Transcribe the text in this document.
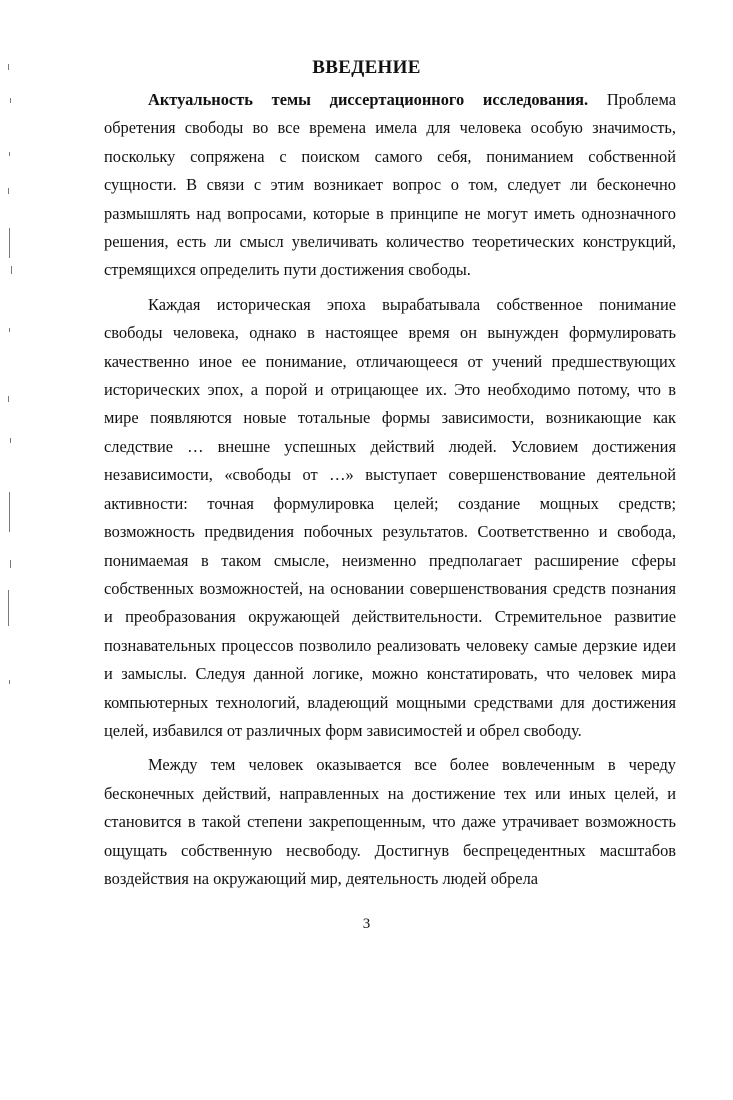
ВВЕДЕНИЕ

Актуальность темы диссертационного исследования. Проблема обретения свободы во все времена имела для человека особую значимость, поскольку сопряжена с поиском самого себя, пониманием собственной сущности. В связи с этим возникает вопрос о том, следует ли бесконечно размышлять над вопросами, которые в принципе не могут иметь однозначного решения, есть ли смысл увеличивать количество теоретических конструкций, стремящихся определить пути достижения свободы.

Каждая историческая эпоха вырабатывала собственное понимание свободы человека, однако в настоящее время он вынужден формулировать качественно иное ее понимание, отличающееся от учений предшествующих исторических эпох, а порой и отрицающее их. Это необходимо потому, что в мире появляются новые тотальные формы зависимости, возникающие как следствие … внешне успешных действий людей. Условием достижения независимости, «свободы от …» выступает совершенствование деятельной активности: точная формулировка целей; создание мощных средств; возможность предвидения побочных результатов. Соответственно и свобода, понимаемая в таком смысле, неизменно предполагает расширение сферы собственных возможностей, на основании совершенствования средств познания и преобразования окружающей действительности. Стремительное развитие познавательных процессов позволило реализовать человеку самые дерзкие идеи и замыслы. Следуя данной логике, можно констатировать, что человек мира компьютерных технологий, владеющий мощными средствами для достижения целей, избавился от различных форм зависимостей и обрел свободу.

Между тем человек оказывается все более вовлеченным в череду бесконечных действий, направленных на достижение тех или иных целей, и становится в такой степени закрепощенным, что даже утрачивает возможность ощущать собственную несвободу. Достигнув беспрецедентных масштабов воздействия на окружающий мир, деятельность людей обрела

3
